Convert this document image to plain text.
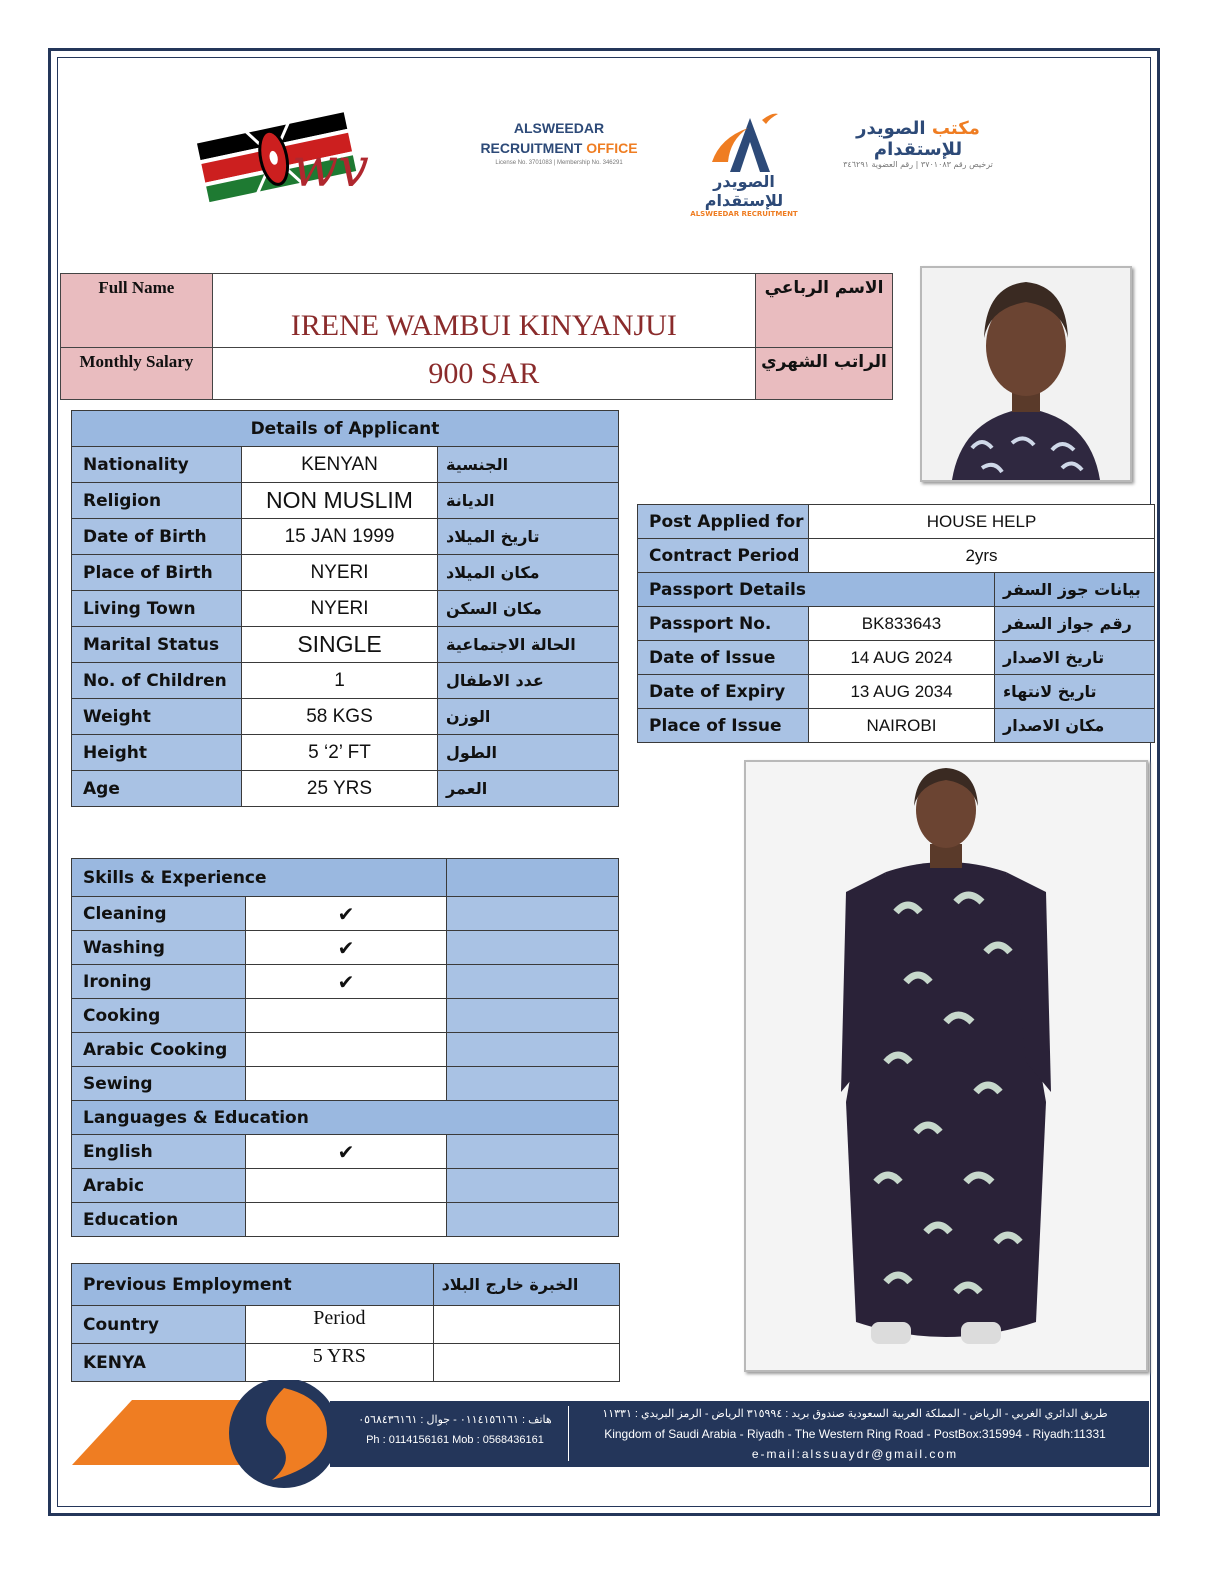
wv
ALSWEEDAR
RECRUITMENT OFFICE
License No. 3701083 | Membership No. 346291
الصويدر للإستقدام
ALSWEEDAR RECRUITMENT
مكتب الصويدر للإستقدام
ترخيص رقم ٣٧٠١٠٨٣ | رقم العضوية ٣٤٦٢٩١
Full Name	IRENE WAMBUI KINYANJUI	الاسم الرباعي
Monthly Salary	900 SAR	الراتب الشهري
Details of Applicant		
Nationality	KENYAN	الجنسية
Religion	NON MUSLIM	الديانة
Date of Birth	15 JAN 1999	تاريخ الميلاد
Place of Birth	NYERI	مكان الميلاد
Living Town	NYERI	مكان السكن
Marital Status	SINGLE	الحالة الاجتماعية
No. of Children	1	عدد الاطفال
Weight	58 KGS	الوزن
Height	5 ‘2’ FT	الطول
Age	25 YRS	العمر
Post Applied for	HOUSE HELP	
Contract Period	2yrs	
Passport Details		بيانات جوز السفر
Passport No.	BK833643	رقم جواز السفر
Date of Issue	14 AUG 2024	تاريخ الاصدار
Date of Expiry	13 AUG 2034	تاريخ لانتهاء
Place of Issue	NAIROBI	مكان الاصدار
Skills & Experience		
Cleaning	✔	
Washing	✔	
Ironing	✔	
Cooking		
Arabic Cooking		
Sewing		
Languages & Education		
English	✔	
Arabic		
Education		
Previous Employment		الخبرة خارج البلاد
Country	Period	
KENYA	5 YRS	
هاتف : ٠١١٤١٥٦١٦١ - جوال : ٠٥٦٨٤٣٦١٦١
Ph : 0114156161 Mob : 0568436161
طريق الدائري الغربي - الرياض - المملكة العربية السعودية صندوق بريد : ٣١٥٩٩٤ الرياض - الرمز البريدي : ١١٣٣١
Kingdom of Saudi Arabia - Riyadh - The Western Ring Road - PostBox:315994 - Riyadh:11331
e-mail:alssuaydr@gmail.com
